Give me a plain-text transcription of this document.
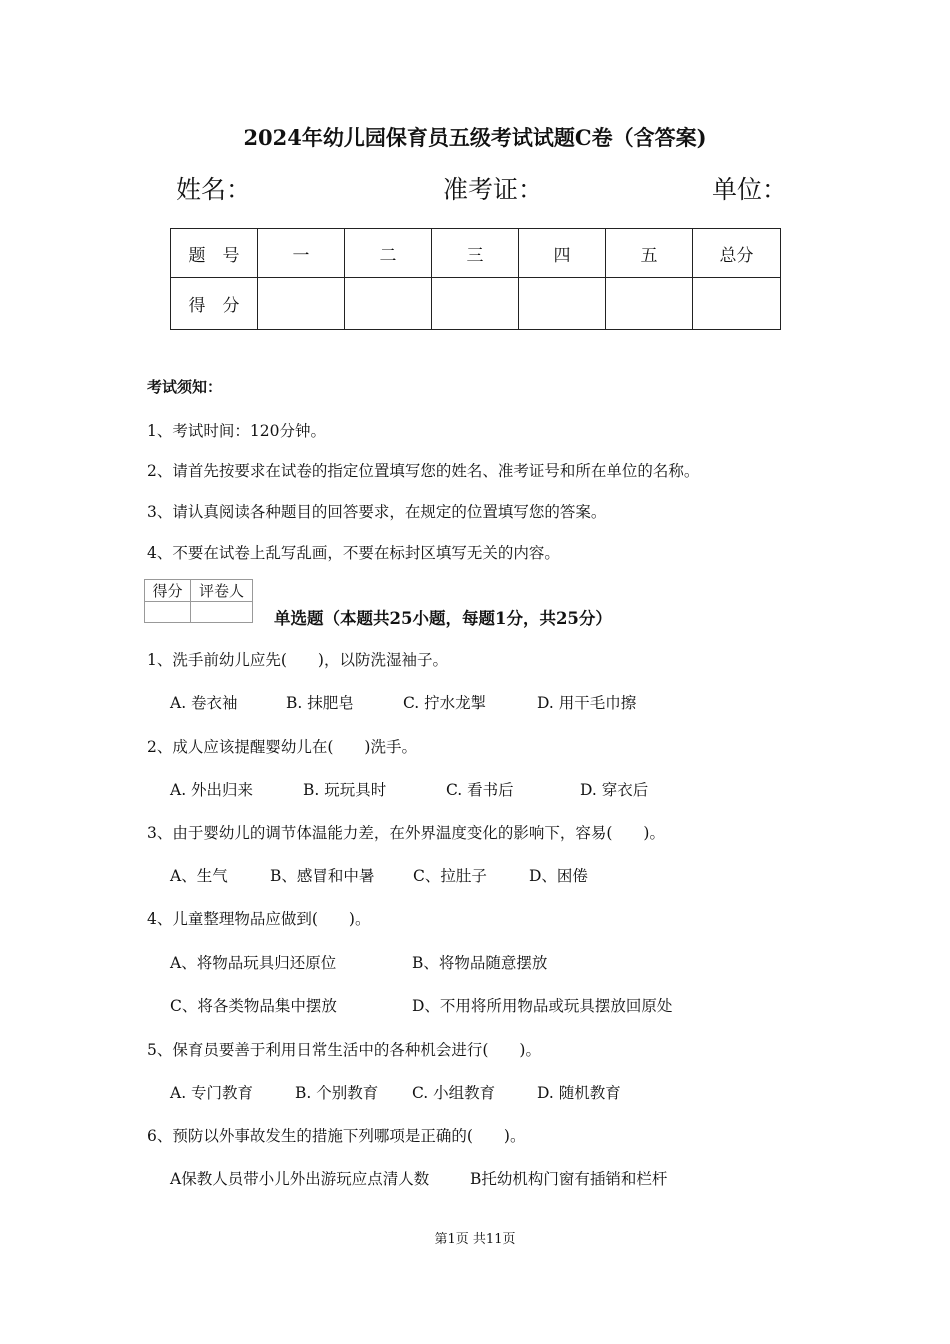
2024年幼儿园保育员五级考试试题C卷（含答案)
姓名：	准考证：	单位：
题　号	一	二	三	四	五	总分
得　分						
考试须知：
1、考试时间：120分钟。
2、请首先按要求在试卷的指定位置填写您的姓名、准考证号和所在单位的名称。
3、请认真阅读各种题目的回答要求，在规定的位置填写您的答案。
4、不要在试卷上乱写乱画，不要在标封区填写无关的内容。
得分	评卷人

单选题（本题共25小题，每题1分，共25分）
1、洗手前幼儿应先(　　)，以防洗湿袖子。
A. 卷衣袖	B. 抹肥皂	C. 拧水龙掣	D. 用干毛巾擦
2、成人应该提醒婴幼儿在(　　)洗手。
A. 外出归来	B. 玩玩具时	C. 看书后	D. 穿衣后
3、由于婴幼儿的调节体温能力差，在外界温度变化的影响下，容易(　　)。
A、生气	B、感冒和中暑 C、拉肚子	D、困倦
4、儿童整理物品应做到(　　)。
A、将物品玩具归还原位	B、将物品随意摆放
C、将各类物品集中摆放	D、不用将所用物品或玩具摆放回原处
5、保育员要善于利用日常生活中的各种机会进行(　　)。
A. 专门教育	B. 个别教育 C. 小组教育	D. 随机教育
6、预防以外事故发生的措施下列哪项是正确的(　　)。
A保教人员带小儿外出游玩应点清人数	B托幼机构门窗有插销和栏杆
第1页 共11页
